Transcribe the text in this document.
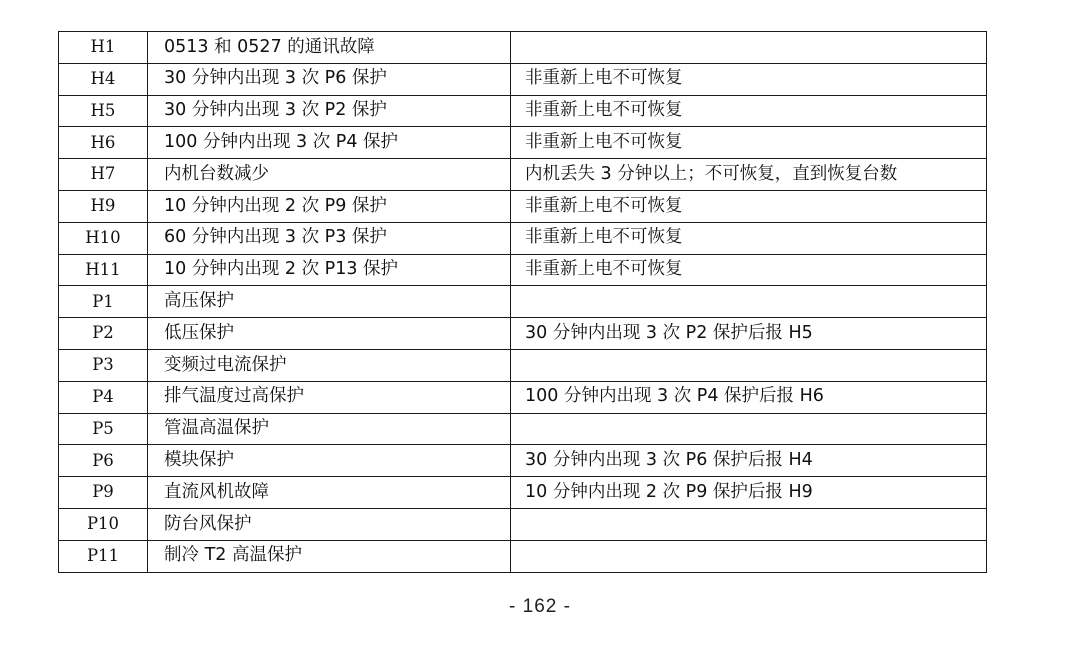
H1	0513 和 0527 的通讯故障	
H4	30 分钟内出现 3 次 P6 保护	非重新上电不可恢复
H5	30 分钟内出现 3 次 P2 保护	非重新上电不可恢复
H6	100 分钟内出现 3 次 P4 保护	非重新上电不可恢复
H7	内机台数减少	内机丢失 3 分钟以上；不可恢复，直到恢复台数
H9	10 分钟内出现 2 次 P9 保护	非重新上电不可恢复
H10	60 分钟内出现 3 次 P3 保护	非重新上电不可恢复
H11	10 分钟内出现 2 次 P13 保护	非重新上电不可恢复
P1	高压保护	
P2	低压保护	30 分钟内出现 3 次 P2 保护后报 H5
P3	变频过电流保护	
P4	排气温度过高保护	100 分钟内出现 3 次 P4 保护后报 H6
P5	管温高温保护	
P6	模块保护	30 分钟内出现 3 次 P6 保护后报 H4
P9	直流风机故障	10 分钟内出现 2 次 P9 保护后报 H9
P10	防台风保护	
P11	制冷 T2 高温保护	
- 162 -
